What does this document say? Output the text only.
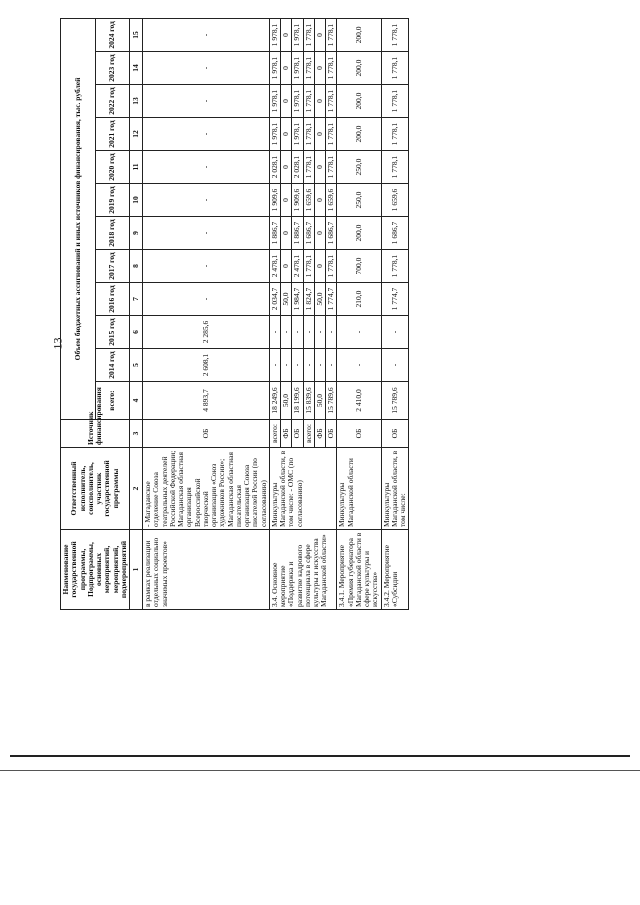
13
Наименование государственной программы, Подпрограммы, основных мероприятий, мероприятий, подмероприятий	Ответственный исполнитель, соисполнитель, участник государственной программы	Источник финансирования	Объем бюджетных ассигнований и иных источников финансирования, тыс. рублей											
			всего:	2014 год	2015 год	2016 год	2017 год	2018 год	2019 год	2020 год	2021 год	2022 год	2023 год	2024 год
1	2	3	4	5	6	7	8	9	10	11	12	13	14	15
в рамках реализации отдельных социально значимых проектов»	- Магаданское отделение Союза театральных деятелей Российской Федерации; Магаданская областная организация Всероссийской творческой организации «Союз художников России»; Магаданская областная писательская организация Союза писателей России (по согласованию)	ОБ	4 893,7	2 608,1	2 285,6	-	-	-	-	-	-	-	-	-
3.4. Основное мероприятие «Поддержка и развитие кадрового потенциала в сфере культуры и искусства Магаданской области»	Минкультуры Магаданской области, в том числе: - ОМС (по согласованию)	всего:	18 249,6	-	-	2 034,7	2 478,1	1 886,7	1 909,6	2 028,1	1 978,1	1 978,1	1 978,1	1 978,1
		ФБ	50,0	-	-	50,0	0	0	0	0	0	0	0	0
		ОБ	18 199,6	-	-	1 984,7	2 478,1	1 886,7	1 909,6	2 028,1	1 978,1	1 978,1	1 978,1	1 978,1
		всего:	15 839,6	-	-	1 824,7	1 778,1	1 686,7	1 659,6	1 778,1	1 778,1	1 778,1	1 778,1	1 778,1
		ФБ	50,0	-	-	50,0	0	0	0	0	0	0	0	0
		ОБ	15 789,6	-	-	1 774,7	1 778,1	1 686,7	1 659,6	1 778,1	1 778,1	1 778,1	1 778,1	1 778,1
3.4.1. Мероприятие «Премия губернатора Магаданской области в сфере культуры и искусства»	Минкультуры Магаданской области	ОБ	2 410,0	-	-	210,0	700,0	200,0	250,0	250,0	200,0	200,0	200,0	200,0
3.4.2. Мероприятие «Субсидии	Минкультуры Магаданской области, в том числе:	ОБ	15 789,6	-	-	1 774,7	1 778,1	1 686,7	1 659,6	1 778,1	1 778,1	1 778,1	1 778,1	1 778,1
